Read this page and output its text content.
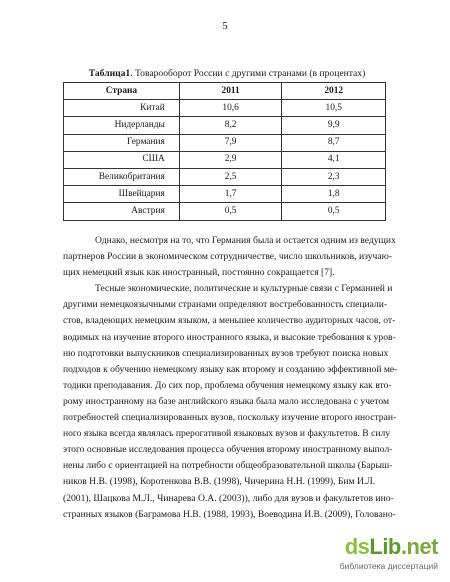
5
Таблица1. Товарооборот России с другими странами (в процентах)
Страна	2011	2012
Китай	10,6	10,5
Нидерланды	8,2	9,9
Германия	7,9	8,7
США	2,9	4,1
Великобритания	2,5	2,3
Швейцария	1,7	1,8
Австрия	0,5	0,5
Однако, несмотря на то, что Германия была и остается одним из ведущих
партнеров России в экономическом сотрудничестве, число школьников, изучаю-
щих немецкий язык как иностранный, постоянно сокращается [7].
Тесные экономические, политические и культурные связи с Германией и
другими немецкоязычными странами определяют востребованность специали-
стов, владеющих немецким языком, а меньшее количество аудиторных часов, от-
водимых на изучение второго иностранного языка, и высокие требования к уров-
ню подготовки выпускников специализированных вузов требуют поиска новых
подходов к обучению немецкому языку как второму и созданию эффективной ме-
тодики преподавания. До сих пор, проблема обучения немецкому языку как вто-
рому иностранному на базе английского языка была мало исследована с учетом
потребностей специализированных вузов, поскольку изучение второго иностран-
ного языка всегда являлась прерогативой языковых вузов и факультетов. В силу
этого основные исследования процесса обучения второму иностранному выпол-
нены либо с ориентацией на потребности общеобразовательной школы (Барыш-
ников Н.В. (1998), Коротенкова В.В. (1998), Чичерина Н.Н. (1999), Бим И.Л.
(2001), Шацкова М.Л., Чинарева О.А. (2003)), либо для вузов и факультетов ино-
странных языков (Баграмова Н.В. (1988, 1993), Воеводина И.В. (2009), Головано-
dsLib.net
библиотека диссертаций
